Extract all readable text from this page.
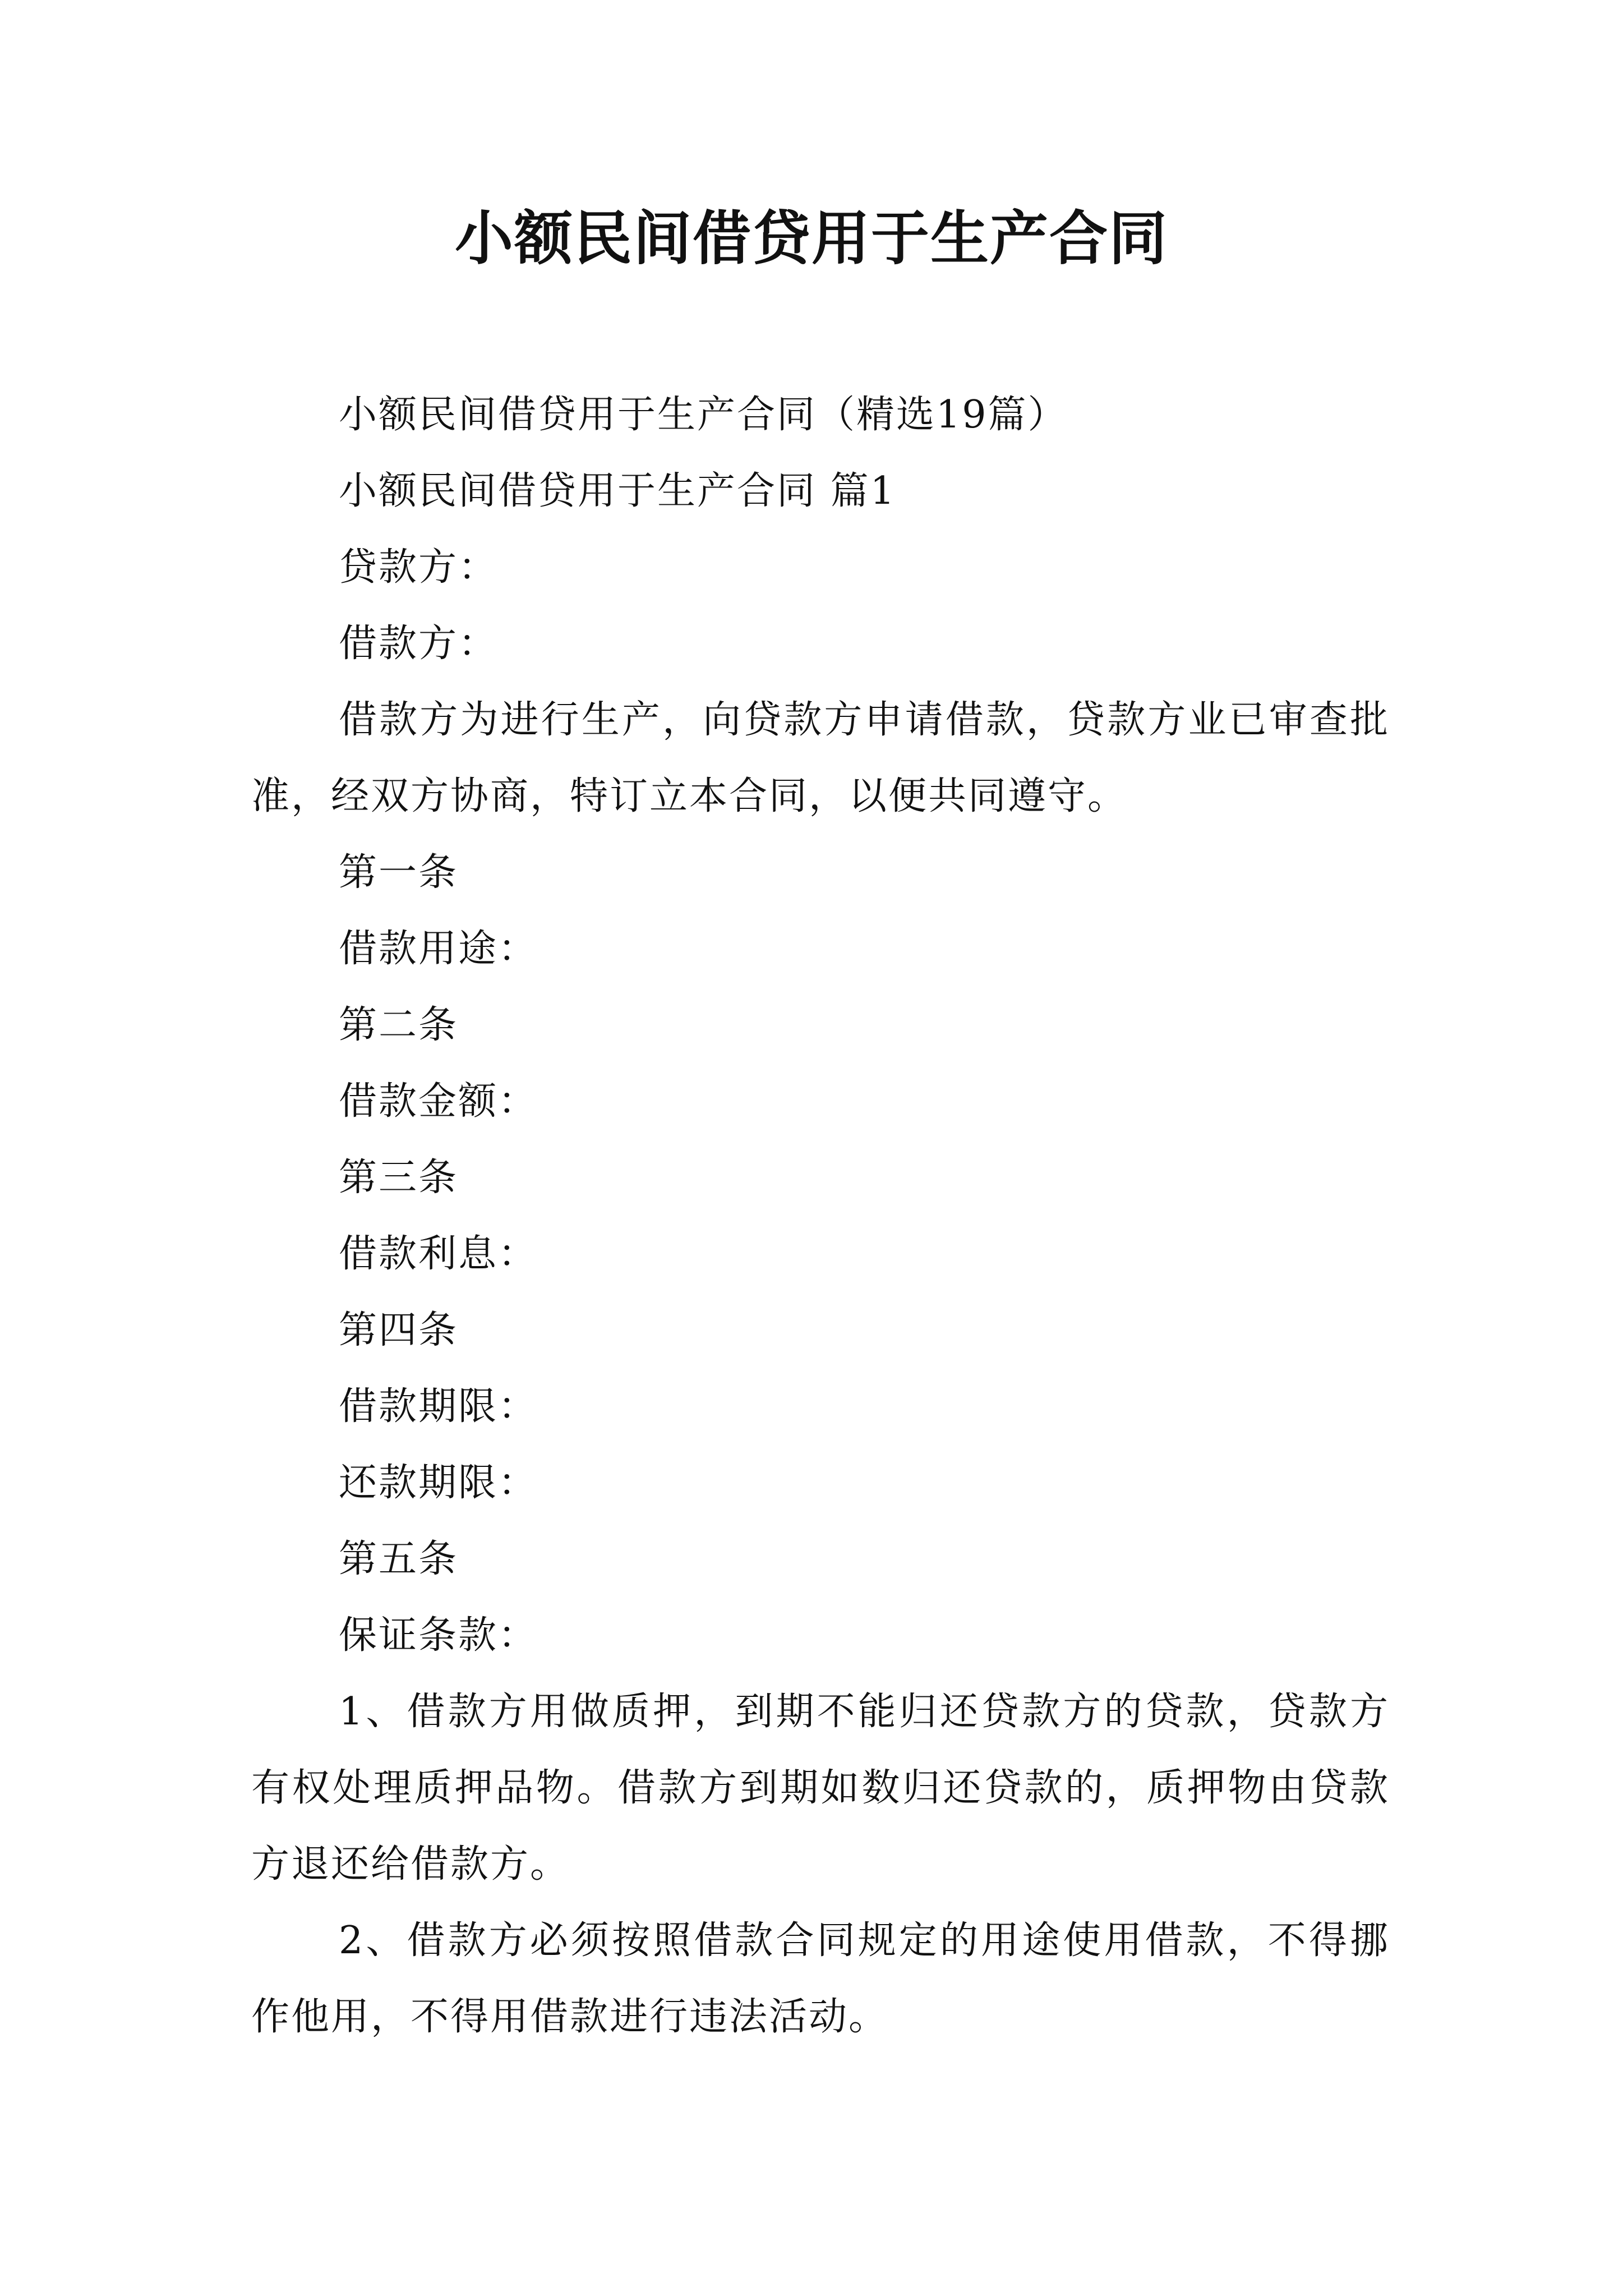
小额民间借贷用于生产合同

小额民间借贷用于生产合同（精选19篇）

小额民间借贷用于生产合同 篇1

贷款方：

借款方：

借款方为进行生产，向贷款方申请借款，贷款方业已审查批准，经双方协商，特订立本合同，以便共同遵守。

第一条

借款用途：

第二条

借款金额：

第三条

借款利息：

第四条

借款期限：

还款期限：

第五条

保证条款：

1、借款方用做质押，到期不能归还贷款方的贷款，贷款方有权处理质押品物。借款方到期如数归还贷款的，质押物由贷款方退还给借款方。

2、借款方必须按照借款合同规定的用途使用借款，不得挪作他用，不得用借款进行违法活动。
